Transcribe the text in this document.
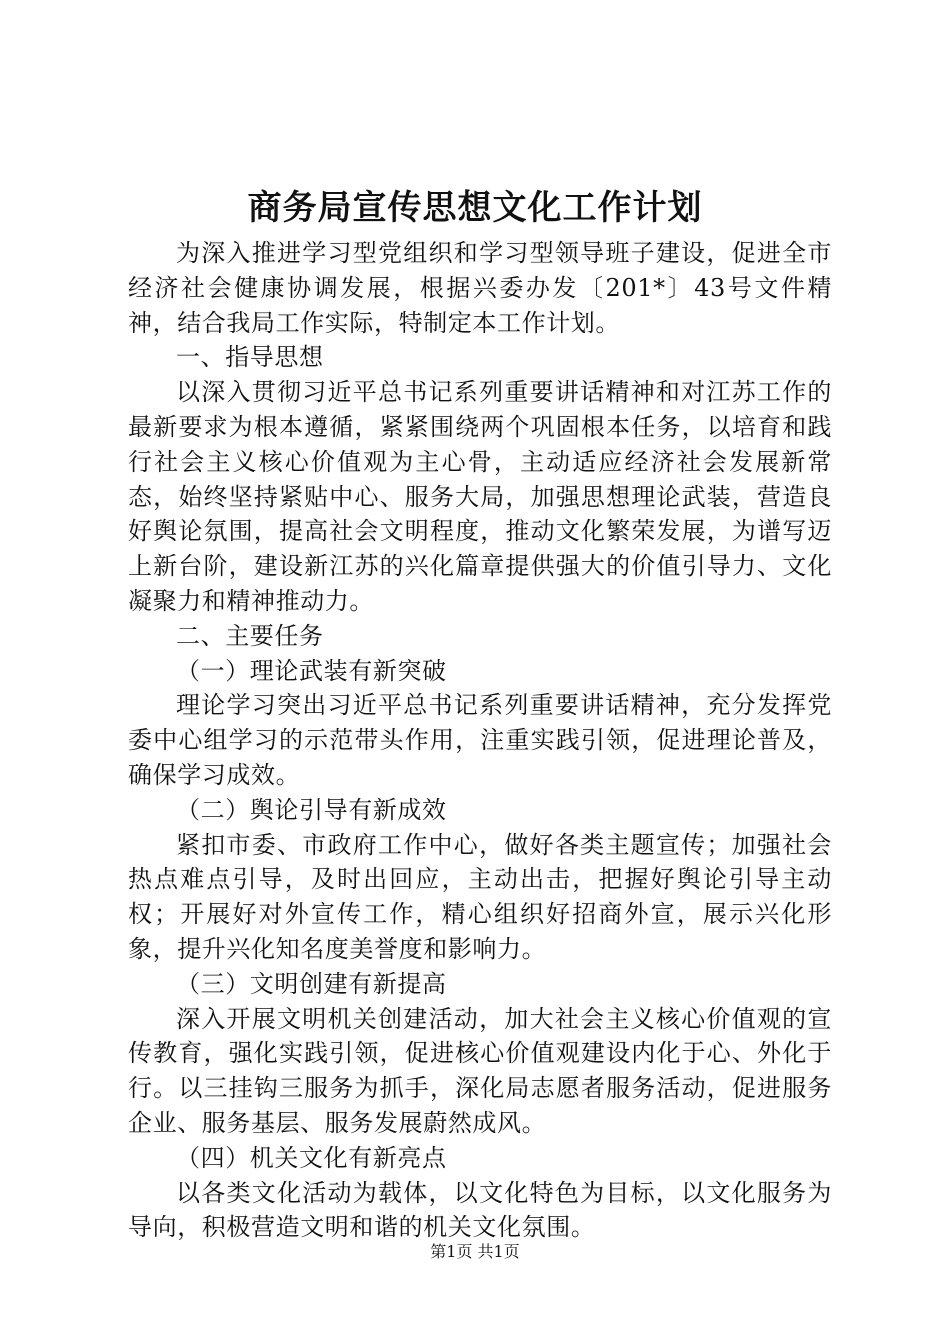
商务局宣传思想文化工作计划

为深入推进学习型党组织和学习型领导班子建设，促进全市经济社会健康协调发展，根据兴委办发〔201*〕43号文件精神，结合我局工作实际，特制定本工作计划。

一、指导思想

以深入贯彻习近平总书记系列重要讲话精神和对江苏工作的最新要求为根本遵循，紧紧围绕两个巩固根本任务，以培育和践行社会主义核心价值观为主心骨，主动适应经济社会发展新常态，始终坚持紧贴中心、服务大局，加强思想理论武装，营造良好舆论氛围，提高社会文明程度，推动文化繁荣发展，为谱写迈上新台阶，建设新江苏的兴化篇章提供强大的价值引导力、文化凝聚力和精神推动力。

二、主要任务

（一）理论武装有新突破

理论学习突出习近平总书记系列重要讲话精神，充分发挥党委中心组学习的示范带头作用，注重实践引领，促进理论普及，确保学习成效。

（二）舆论引导有新成效

紧扣市委、市政府工作中心，做好各类主题宣传；加强社会热点难点引导，及时出回应，主动出击，把握好舆论引导主动权；开展好对外宣传工作，精心组织好招商外宣，展示兴化形象，提升兴化知名度美誉度和影响力。

（三）文明创建有新提高

深入开展文明机关创建活动，加大社会主义核心价值观的宣传教育，强化实践引领，促进核心价值观建设内化于心、外化于行。以三挂钩三服务为抓手，深化局志愿者服务活动，促进服务企业、服务基层、服务发展蔚然成风。

（四）机关文化有新亮点

以各类文化活动为载体，以文化特色为目标，以文化服务为导向，积极营造文明和谐的机关文化氛围。

第1页 共1页
